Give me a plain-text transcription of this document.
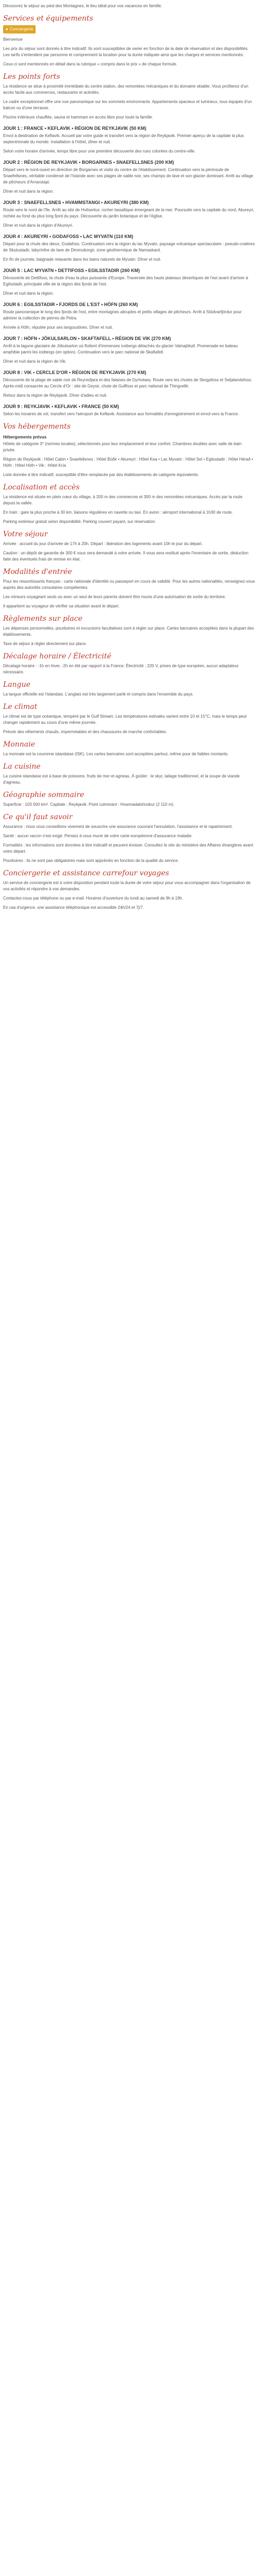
Découvrez le séjour au pied des Montagnes, le lieu idéal pour vos vacances en famille.

Services et équipements

● Conciergerie

Bienvenue

Les prix du séjour sont donnés à titre indicatif. Ils sont susceptibles de varier en fonction de la date de réservation et des disponibilités. Les tarifs s'entendent par personne et comprennent la location pour la durée indiquée ainsi que les charges et services mentionnés.

Ceux-ci sont mentionnés en détail dans la rubrique « compris dans le prix » de chaque formule.

Les points forts

La résidence se situe à proximité immédiate du centre station, des remontées mécaniques et du domaine skiable. Vous profiterez d'un accès facile aux commerces, restaurants et activités.

Le cadre exceptionnel offre une vue panoramique sur les sommets environnants. Appartements spacieux et lumineux, tous équipés d'un balcon ou d'une terrasse.

Piscine intérieure chauffée, sauna et hammam en accès libre pour toute la famille.

JOUR 1 : FRANCE • KEFLAVIK • RÉGION DE REYKJAVIK (50 KM)

Envol à destination de Keflavik. Accueil par votre guide et transfert vers la région de Reykjavik. Premier aperçu de la capitale la plus septentrionale du monde. Installation à l'hôtel, dîner et nuit.

Selon votre horaire d'arrivée, temps libre pour une première découverte des rues colorées du centre-ville.

JOUR 2 : RÉGION DE REYKJAVIK • BORGARNES • SNAEFELLSNES (200 KM)

Départ vers le nord-ouest en direction de Borgarnes et visite du centre de l'établissement. Continuation vers la péninsule de Snaefellsnes, véritable condensé de l'Islande avec ses plages de sable noir, ses champs de lave et son glacier dominant. Arrêt au village de pêcheurs d'Arnarstapi.

Dîner et nuit dans la région.

JOUR 3 : SNAEFELLSNES • HVAMMSTANGI • AKUREYRI (380 KM)

Route vers le nord de l'île. Arrêt au site de Hvitserkur, rocher basaltique émergeant de la mer. Poursuite vers la capitale du nord, Akureyri, nichée au fond du plus long fjord du pays. Découverte du jardin botanique et de l'église.

Dîner et nuit dans la région d'Akureyri.

JOUR 4 : AKUREYRI • GODAFOSS • LAC MYVATN (110 KM)

Départ pour la chute des dieux, Godafoss. Continuation vers la région du lac Myvatn, paysage volcanique spectaculaire : pseudo-cratères de Skutustadir, labyrinthe de lave de Dimmuborgir, zone géothermique de Namaskard.

En fin de journée, baignade relaxante dans les bains naturels de Myvatn. Dîner et nuit.

JOUR 5 : LAC MYVATN • DETTIFOSS • EGILSSTADIR (260 KM)

Découverte de Dettifoss, la chute d'eau la plus puissante d'Europe. Traversée des hauts plateaux désertiques de l'est avant d'arriver à Egilsstadir, principale ville de la région des fjords de l'est.

Dîner et nuit dans la région.

JOUR 6 : EGILSSTADIR • FJORDS DE L'EST • HÖFN (260 KM)

Route panoramique le long des fjords de l'est, entre montagnes abruptes et petits villages de pêcheurs. Arrêt à Stödvarfjördur pour admirer la collection de pierres de Petra.

Arrivée à Höfn, réputée pour ses langoustines. Dîner et nuit.

JOUR 7 : HÖFN • JÖKULSARLON • SKAFTAFELL • RÉGION DE VIK (270 KM)

Arrêt à la lagune glaciaire de Jökulsarlon où flottent d'immenses icebergs détachés du glacier Vatnajökull. Promenade en bateau amphibie parmi les icebergs (en option). Continuation vers le parc national de Skaftafell.

Dîner et nuit dans la région de Vik.

JOUR 8 : VIK • CERCLE D'OR • RÉGION DE REYKJAVIK (270 KM)

Découverte de la plage de sable noir de Reynisfjara et des falaises de Dyrholaey. Route vers les chutes de Skogafoss et Seljalandsfoss. Après-midi consacrée au Cercle d'Or : site de Geysir, chute de Gullfoss et parc national de Thingvellir.

Retour dans la région de Reykjavik. Dîner d'adieu et nuit.

JOUR 9 : REYKJAVIK • KEFLAVIK • FRANCE (50 KM)

Selon les horaires de vol, transfert vers l'aéroport de Keflavik. Assistance aux formalités d'enregistrement et envol vers la France.

Vos hébergements
Hébergements prévus

Hôtels de catégorie 3* (normes locales), sélectionnés pour leur emplacement et leur confort. Chambres doubles avec salle de bain privée.

Région de Reykjavik : Hôtel Cabin • Snaefellsnes : Hôtel Búðir • Akureyri : Hôtel Kea • Lac Myvatn : Hôtel Sel • Egilsstadir : Hôtel Hérað • Höfn : Hôtel Höfn • Vik : Hôtel Kría

Liste donnée à titre indicatif, susceptible d'être remplacée par des établissements de catégorie équivalente.

Localisation et accès

La résidence est située en plein cœur du village, à 200 m des commerces et 300 m des remontées mécaniques. Accès par la route depuis la vallée.

En train : gare la plus proche à 30 km, liaisons régulières en navette ou taxi. En avion : aéroport international à 1h30 de route.

Parking extérieur gratuit selon disponibilité. Parking couvert payant, sur réservation.

Votre séjour

Arrivée : accueil du jour d'arrivée de 17h à 20h. Départ : libération des logements avant 10h le jour du départ.

Caution : un dépôt de garantie de 300 € vous sera demandé à votre arrivée. Il vous sera restitué après l'inventaire de sortie, déduction faite des éventuels frais de remise en état.

Modalités d'entrée

Pour les ressortissants français : carte nationale d'identité ou passeport en cours de validité. Pour les autres nationalités, renseignez-vous auprès des autorités consulaires compétentes.

Les mineurs voyageant seuls ou avec un seul de leurs parents doivent être munis d'une autorisation de sortie du territoire.

Il appartient au voyageur de vérifier sa situation avant le départ.

Règlements sur place

Les dépenses personnelles, pourboires et excursions facultatives sont à régler sur place. Cartes bancaires acceptées dans la plupart des établissements.

Taxe de séjour à régler directement sur place.

Décalage horaire / Électricité

Décalage horaire : -1h en hiver, -2h en été par rapport à la France. Électricité : 220 V, prises de type européen, aucun adaptateur nécessaire.

Langue

La langue officielle est l'islandais. L'anglais est très largement parlé et compris dans l'ensemble du pays.

Le climat

Le climat est de type océanique, tempéré par le Gulf Stream. Les températures estivales varient entre 10 et 15°C, mais le temps peut changer rapidement au cours d'une même journée.

Prévoir des vêtements chauds, imperméables et des chaussures de marche confortables.

Monnaie

La monnaie est la couronne islandaise (ISK). Les cartes bancaires sont acceptées partout, même pour de faibles montants.

La cuisine

La cuisine islandaise est à base de poissons, fruits de mer et agneau. À goûter : le skyr, laitage traditionnel, et la soupe de viande d'agneau.

Géographie sommaire

Superficie : 103 000 km². Capitale : Reykjavik. Point culminant : Hvannadalshnúkur (2 110 m).

Ce qu'il faut savoir

Assurance : nous vous conseillons vivement de souscrire une assurance couvrant l'annulation, l'assistance et le rapatriement.

Santé : aucun vaccin n'est exigé. Pensez à vous munir de votre carte européenne d'assurance maladie.

Formalités : les informations sont données à titre indicatif et peuvent évoluer. Consultez le site du ministère des Affaires étrangères avant votre départ.

Pourboires : ils ne sont pas obligatoires mais sont appréciés en fonction de la qualité du service.

Conciergerie et assistance carrefour voyages

Un service de conciergerie est à votre disposition pendant toute la durée de votre séjour pour vous accompagner dans l'organisation de vos activités et répondre à vos demandes.

Contactez-nous par téléphone ou par e-mail. Horaires d'ouverture du lundi au samedi de 9h à 19h.

En cas d'urgence, une assistance téléphonique est accessible 24h/24 et 7j/7.
